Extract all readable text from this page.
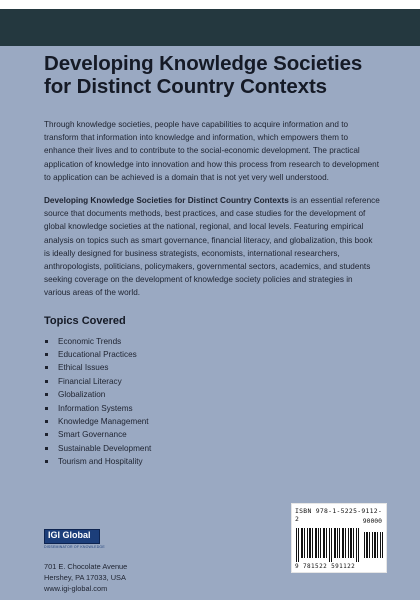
Developing Knowledge Societies for Distinct Country Contexts

Through knowledge societies, people have capabilities to acquire information and to transform that information into knowledge and information, which empowers them to enhance their lives and to contribute to the social-economic development. The practical application of knowledge into innovation and how this process from research to development to application can be achieved is a domain that is not yet very well understood.

Developing Knowledge Societies for Distinct Country Contexts is an essential reference source that documents methods, best practices, and case studies for the development of global knowledge societies at the national, regional, and local levels. Featuring empirical analysis on topics such as smart governance, financial literacy, and globalization, this book is ideally designed for business strategists, economists, international researchers, anthropologists, politicians, policymakers, governmental sectors, academics, and students seeking coverage on the development of knowledge society policies and strategies in various areas of the world.

Topics Covered
Economic Trends
Educational Practices
Ethical Issues
Financial Literacy
Globalization
Information Systems
Knowledge Management
Smart Governance
Sustainable Development
Tourism and Hospitality
IGI Global
DISSEMINATOR OF KNOWLEDGE
701 E. Chocolate Avenue
Hershey, PA 17033, USA
www.igi-global.com
ISBN 978-1-5225-9112-2	90000
9 781522 591122
